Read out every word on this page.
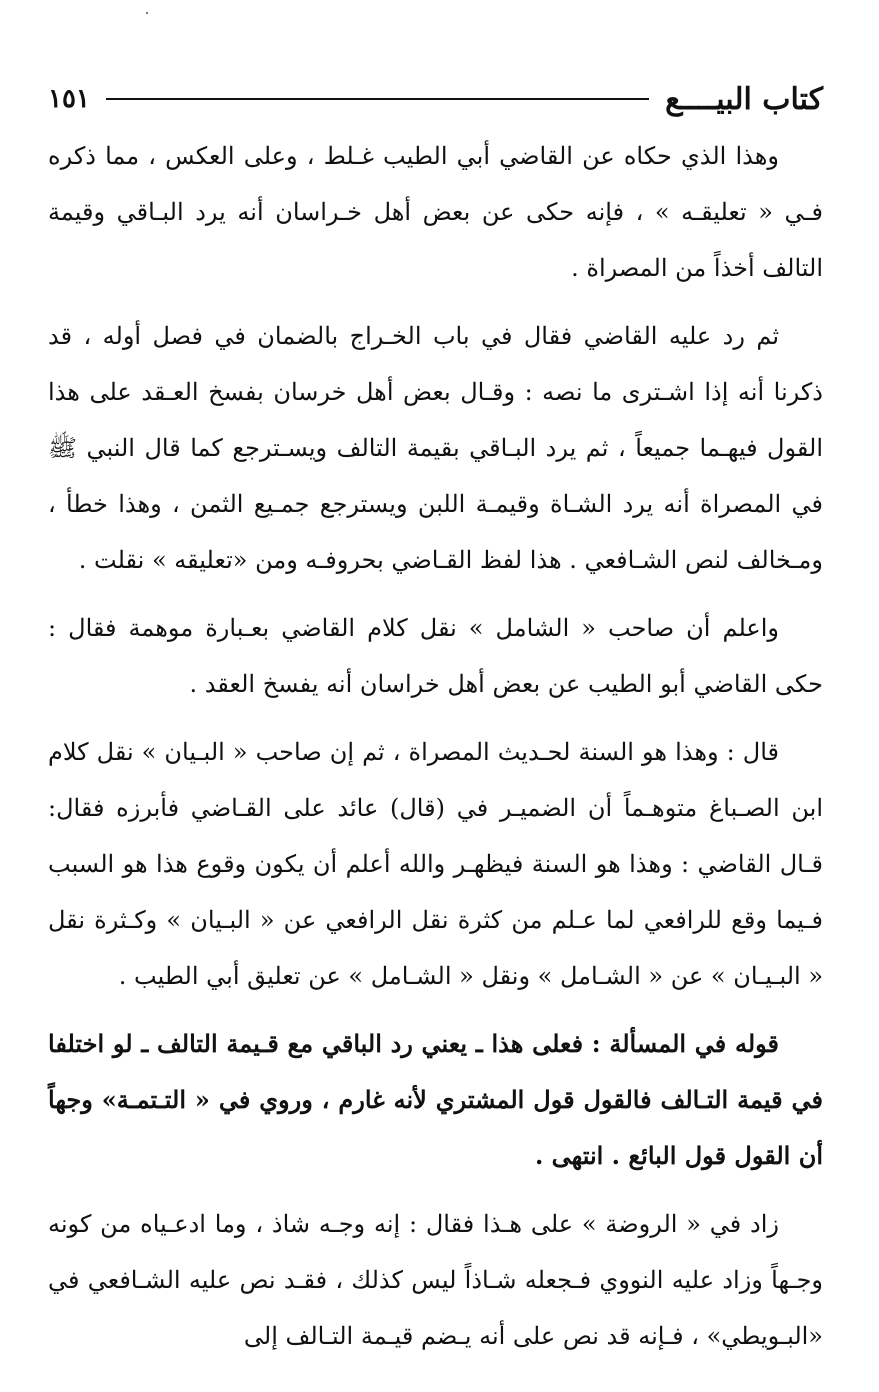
كتاب البيــــع
١٥١

وهذا الذي حكاه عن القاضي أبي الطيب غـلط ، وعلى العكس ، مما ذكره فـي « تعليقـه » ، فإنه حكى عن بعض أهل خـراسان أنه يرد البـاقي وقيمة التالف أخذاً من المصراة .

ثم رد عليه القاضي فقال في باب الخـراج بالضمان في فصل أوله ، قد ذكرنا أنه إذا اشـترى ما نصه : وقـال بعض أهل خرسان بفسخ العـقد على هذا القول فيهـما جميعاً ، ثم يرد البـاقي بقيمة التالف ويسـترجع كما قال النبي ﷺ في المصراة أنه يرد الشـاة وقيمـة اللبن ويسترجع جمـيع الثمن ، وهذا خطأ ، ومـخالف لنص الشـافعي . هذا لفظ القـاضي بحروفـه ومن «تعليقه » نقلت .

واعلم أن صاحب « الشامل » نقل كلام القاضي بعـبارة موهمة فقال : حكى القاضي أبو الطيب عن بعض أهل خراسان أنه يفسخ العقد .

قال : وهذا هو السنة لحـديث المصراة ، ثم إن صاحب « البـيان » نقل كلام ابن الصـباغ متوهـماً أن الضميـر في (قال) عائد على القـاضي فأبرزه فقال: قـال القاضي : وهذا هو السنة فيظهـر والله أعلم أن يكون وقوع هذا هو السبب فـيما وقع للرافعي لما عـلم من كثرة نقل الرافعي عن « البـيان » وكـثرة نقل « البـيـان » عن « الشـامل » ونقل « الشـامل » عن تعليق أبي الطيب .

قوله في المسألة : فعلى هذا ـ يعني رد الباقي مع قـيمة التالف ـ لو اختلفا في قيمة التـالف فالقول قول المشتري لأنه غارم ، وروي في « التـتمـة» وجهاً أن القول قول البائع . انتهى .

زاد في « الروضة » على هـذا فقال : إنه وجـه شاذ ، وما ادعـياه من كونه وجـهاً وزاد عليه النووي فـجعله شـاذاً ليس كذلك ، فقـد نص عليه الشـافعي في «البـويطي» ، فـإنه قد نص على أنه يـضم قيـمة التـالف إلى
